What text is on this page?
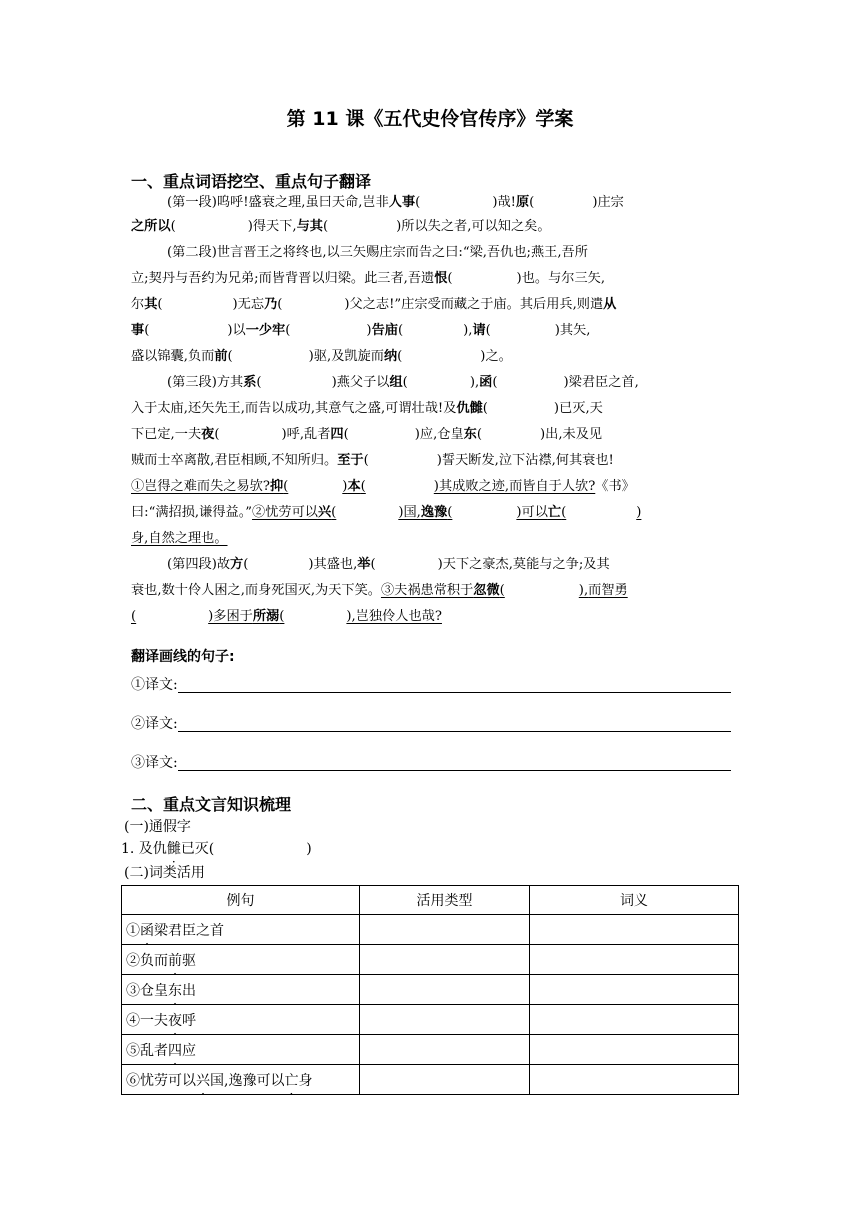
第 11 课《五代史伶官传序》学案
一、重点词语挖空、重点句子翻译
(第一段)呜呼!盛衰之理,虽曰天命,岂非人事(	)哉!原(	)庄宗
之所以(	)得天下,与其(	)所以失之者,可以知之矣。
(第二段)世言晋王之将终也,以三矢赐庄宗而告之曰:“梁,吾仇也;燕王,吾所
立;契丹与吾约为兄弟;而皆背晋以归梁。此三者,吾遗恨(	)也。与尔三矢,
尔其(	)无忘乃(	)父之志!”庄宗受而藏之于庙。其后用兵,则遣从
事(	)以一少牢(	)告庙(	),请(	)其矢,
盛以锦囊,负而前(	)驱,及凯旋而纳(	)之。
(第三段)方其系(	)燕父子以组(	),函(	)梁君臣之首,
入于太庙,还矢先王,而告以成功,其意气之盛,可谓壮哉!及仇雠(	)已灭,天
下已定,一夫夜(	)呼,乱者四(	)应,仓皇东(	)出,未及见
贼而士卒离散,君臣相顾,不知所归。至于(	)誓天断发,泣下沾襟,何其衰也!
①岂得之难而失之易欤?抑(	)本(	)其成败之迹,而皆自于人欤?《书》
曰:“满招损,谦得益。”②忧劳可以兴(	)国,逸豫(	)可以亡(	)
身,自然之理也。
(第四段)故方(	)其盛也,举(	)天下之豪杰,莫能与之争;及其
衰也,数十伶人困之,而身死国灭,为天下笑。③夫祸患常积于忽微(	),而智勇
(	)多困于所溺(	),岂独伶人也哉?
翻译画线的句子:
①译文:
②译文:
③译文:
二、重点文言知识梳理
(一)通假字
1. 及仇雠已灭(	)
(二)词类活用
例句	活用类型	词义
①函梁君臣之首		
②负而前驱		
③仓皇东出		
④一夫夜呼		
⑤乱者四应		
⑥忧劳可以兴国,逸豫可以亡身		
